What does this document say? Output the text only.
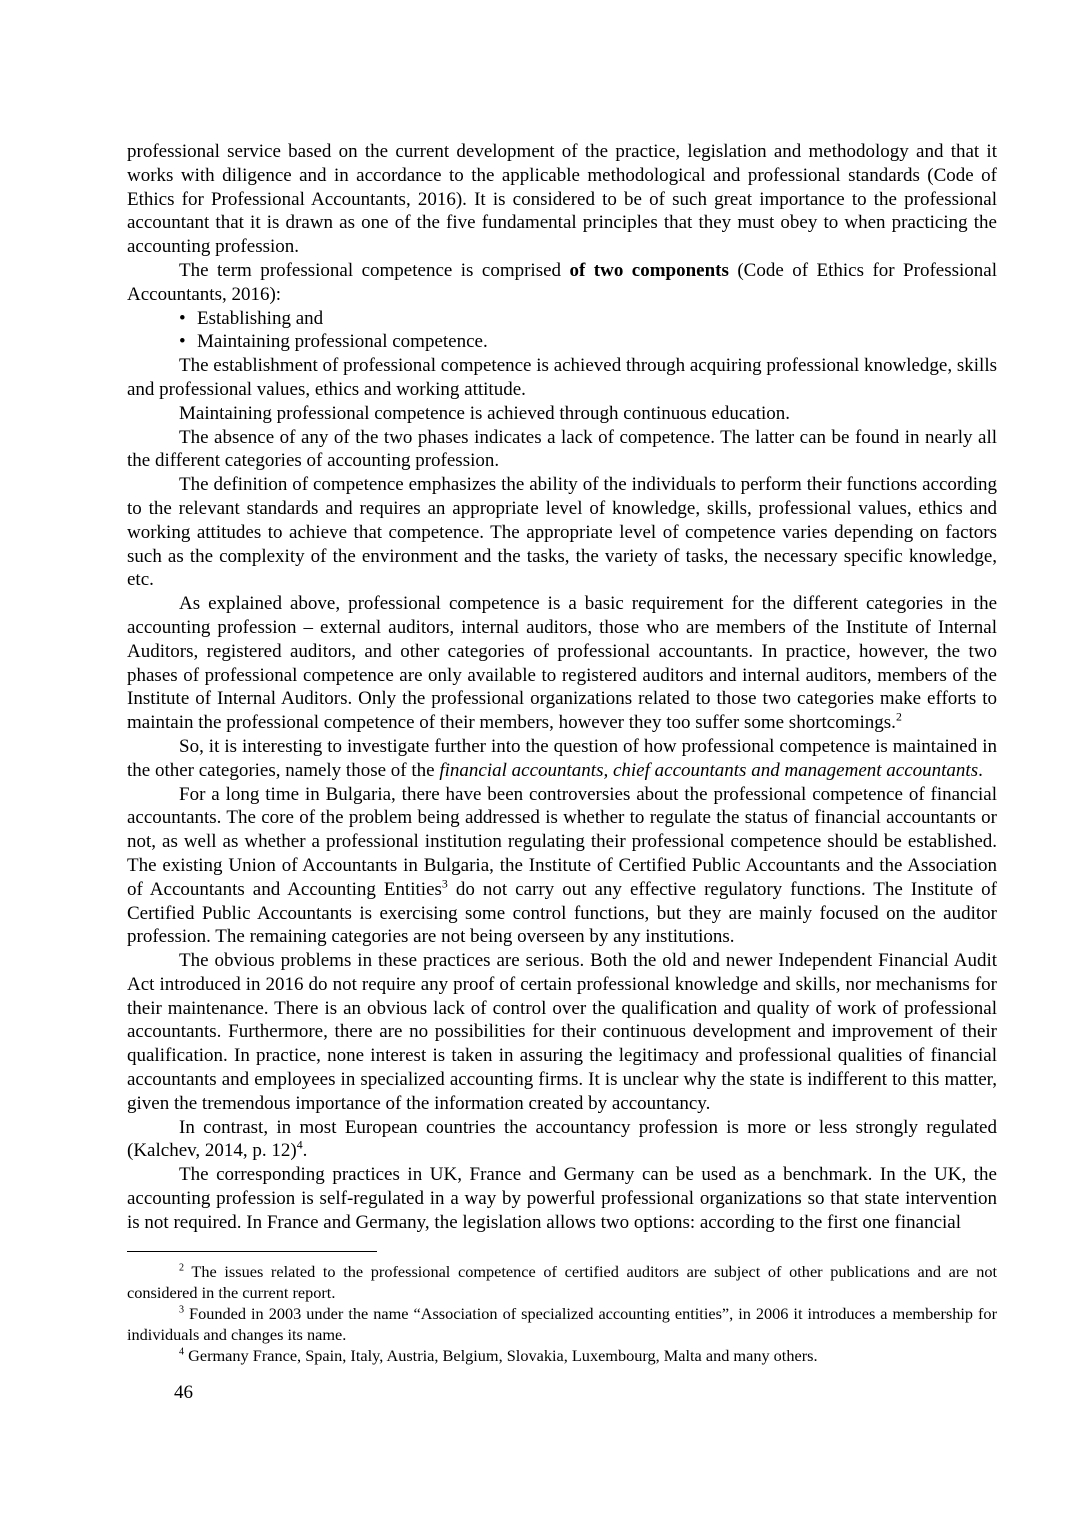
professional service based on the current development of the practice, legislation and methodology and that it works with diligence and in accordance to the applicable methodological and professional standards (Code of Ethics for Professional Accountants, 2016). It is considered to be of such great importance to the professional accountant that it is drawn as one of the five fundamental principles that they must obey to when practicing the accounting profession.

The term professional competence is comprised of two components (Code of Ethics for Professional Accountants, 2016):

• Establishing and
• Maintaining professional competence.

The establishment of professional competence is achieved through acquiring professional knowledge, skills and professional values, ethics and working attitude.

Maintaining professional competence is achieved through continuous education.

The absence of any of the two phases indicates a lack of competence. The latter can be found in nearly all the different categories of accounting profession.

The definition of competence emphasizes the ability of the individuals to perform their functions according to the relevant standards and requires an appropriate level of knowledge, skills, professional values, ethics and working attitudes to achieve that competence. The appropriate level of competence varies depending on factors such as the complexity of the environment and the tasks, the variety of tasks, the necessary specific knowledge, etc.

As explained above, professional competence is a basic requirement for the different categories in the accounting profession – external auditors, internal auditors, those who are members of the Institute of Internal Auditors, registered auditors, and other categories of professional accountants. In practice, however, the two phases of professional competence are only available to registered auditors and internal auditors, members of the Institute of Internal Auditors. Only the professional organizations related to those two categories make efforts to maintain the professional competence of their members, however they too suffer some shortcomings.$^2$

So, it is interesting to investigate further into the question of how professional competence is maintained in the other categories, namely those of the financial accountants, chief accountants and management accountants.

For a long time in Bulgaria, there have been controversies about the professional competence of financial accountants. The core of the problem being addressed is whether to regulate the status of financial accountants or not, as well as whether a professional institution regulating their professional competence should be established. The existing Union of Accountants in Bulgaria, the Institute of Certified Public Accountants and the Association of Accountants and Accounting Entities$^3$ do not carry out any effective regulatory functions. The Institute of Certified Public Accountants is exercising some control functions, but they are mainly focused on the auditor profession. The remaining categories are not being overseen by any institutions.

The obvious problems in these practices are serious. Both the old and newer Independent Financial Audit Act introduced in 2016 do not require any proof of certain professional knowledge and skills, nor mechanisms for their maintenance. There is an obvious lack of control over the qualification and quality of work of professional accountants. Furthermore, there are no possibilities for their continuous development and improvement of their qualification. In practice, none interest is taken in assuring the legitimacy and professional qualities of financial accountants and employees in specialized accounting firms. It is unclear why the state is indifferent to this matter, given the tremendous importance of the information created by accountancy.

In contrast, in most European countries the accountancy profession is more or less strongly regulated (Kalchev, 2014, p. 12)$^4$.

The corresponding practices in UK, France and Germany can be used as a benchmark. In the UK, the accounting profession is self-regulated in a way by powerful professional organizations so that state intervention is not required. In France and Germany, the legislation allows two options: according to the first one financial

$^2$ The issues related to the professional competence of certified auditors are subject of other publications and are not considered in the current report.

$^3$ Founded in 2003 under the name “Association of specialized accounting entities”, in 2006 it introduces a membership for individuals and changes its name.

$^4$ Germany France, Spain, Italy, Austria, Belgium, Slovakia, Luxembourg, Malta and many others.

46
